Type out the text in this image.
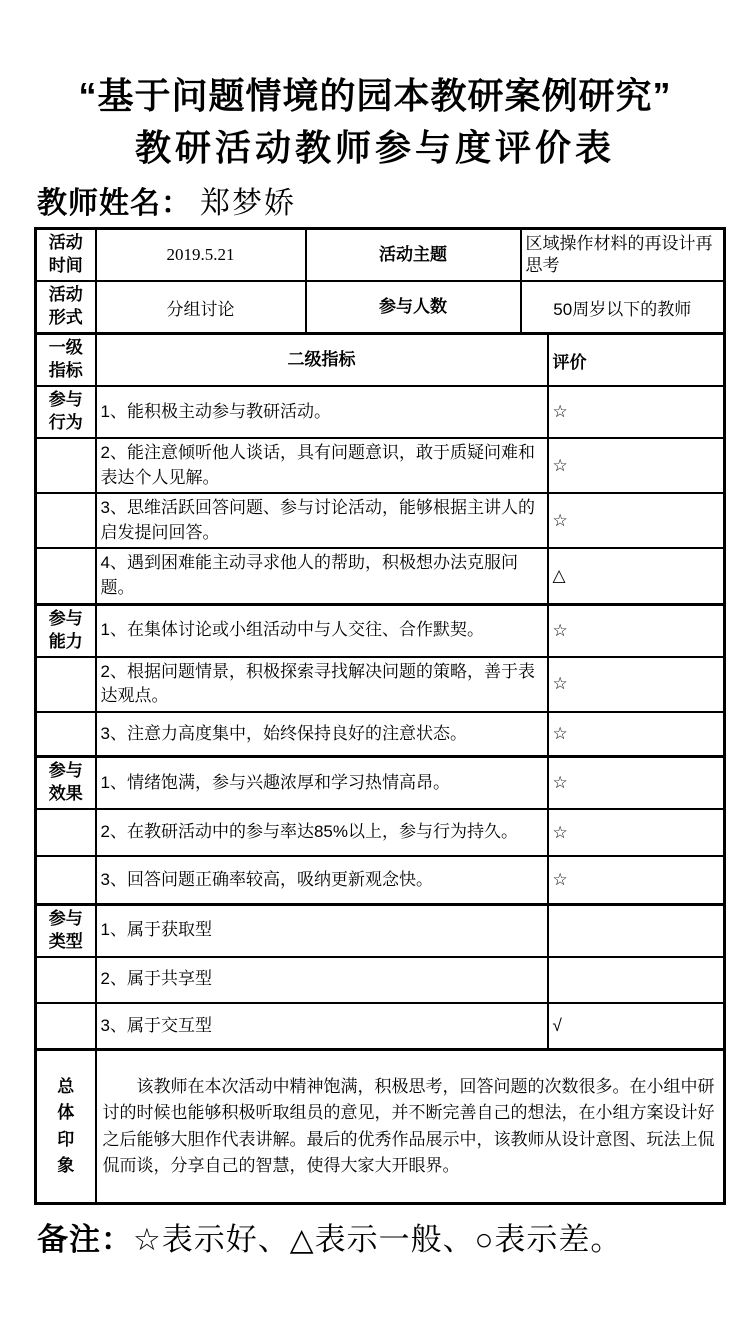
“基于问题情境的园本教研案例研究”
教研活动教师参与度评价表
教师姓名： 郑梦娇
活动时间	2019.5.21	活动主题	区域操作材料的再设计再思考	
活动形式	分组讨论	参与人数	50周岁以下的教师	
一级指标	二级指标			评价
参与行为	1、能积极主动参与教研活动。			☆
	2、能注意倾听他人谈话，具有问题意识，敢于质疑问难和表达个人见解。			☆
	3、思维活跃回答问题、参与讨论活动，能够根据主讲人的启发提问回答。			☆
	4、遇到困难能主动寻求他人的帮助，积极想办法克服问题。			△
参与能力	1、在集体讨论或小组活动中与人交往、合作默契。			☆
	2、根据问题情景，积极探索寻找解决问题的策略，善于表达观点。			☆
	3、注意力高度集中，始终保持良好的注意状态。			☆
参与效果	1、情绪饱满，参与兴趣浓厚和学习热情高昂。			☆
	2、在教研活动中的参与率达85%以上，参与行为持久。			☆
	3、回答问题正确率较高，吸纳更新观念快。			☆
参与类型	1、属于获取型			
	2、属于共享型			
	3、属于交互型			√

总体印象	该教师在本次活动中精神饱满，积极思考，回答问题的次数很多。在小组中研讨的时候也能够积极听取组员的意见，并不断完善自己的想法，在小组方案设计好之后能够大胆作代表讲解。最后的优秀作品展示中，该教师从设计意图、玩法上侃侃而谈，分享自己的智慧，使得大家大开眼界。			
备注：☆表示好、△表示一般、○表示差。
